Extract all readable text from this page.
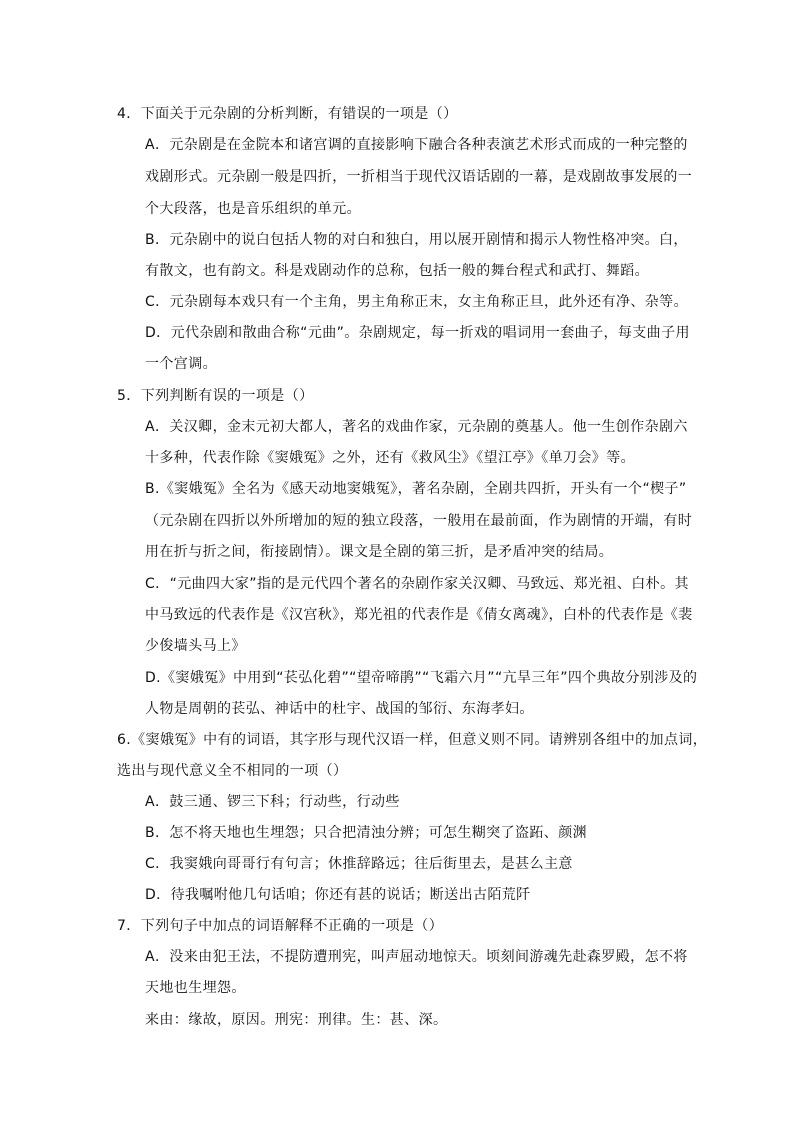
4．下面关于元杂剧的分析判断，有错误的一项是（）
A．元杂剧是在金院本和诸宫调的直接影响下融合各种表演艺术形式而成的一种完整的
戏剧形式。元杂剧一般是四折，一折相当于现代汉语话剧的一幕，是戏剧故事发展的一
个大段落，也是音乐组织的单元。
B．元杂剧中的说白包括人物的对白和独白，用以展开剧情和揭示人物性格冲突。白，
有散文，也有韵文。科是戏剧动作的总称，包括一般的舞台程式和武打、舞蹈。
C．元杂剧每本戏只有一个主角，男主角称正末，女主角称正旦，此外还有净、杂等。
D．元代杂剧和散曲合称“元曲”。杂剧规定，每一折戏的唱词用一套曲子，每支曲子用
一个宫调。
5．下列判断有误的一项是（）
A．关汉卿，金末元初大都人，著名的戏曲作家，元杂剧的奠基人。他一生创作杂剧六
十多种，代表作除《窦娥冤》之外，还有《救风尘》《望江亭》《单刀会》等。
B.《窦娥冤》全名为《感天动地窦娥冤》，著名杂剧，全剧共四折，开头有一个“楔子”
（元杂剧在四折以外所增加的短的独立段落，一般用在最前面，作为剧情的开端，有时
用在折与折之间，衔接剧情）。课文是全剧的第三折，是矛盾冲突的结局。
C．“元曲四大家”指的是元代四个著名的杂剧作家关汉卿、马致远、郑光祖、白朴。其
中马致远的代表作是《汉宫秋》，郑光祖的代表作是《倩女离魂》，白朴的代表作是《裴
少俊墙头马上》
D.《窦娥冤》中用到“苌弘化碧”“望帝啼鹃”“飞霜六月”“亢旱三年”四个典故分别涉及的
人物是周朝的苌弘、神话中的杜宇、战国的邹衍、东海孝妇。
6.《窦娥冤》中有的词语，其字形与现代汉语一样，但意义则不同。请辨别各组中的加点词，
选出与现代意义全不相同的一项（）
A．鼓三通、锣三下科；行动些，行动些
B．怎不将天地也生埋怨；只合把清浊分辨；可怎生糊突了盗跖、颜渊
C．我窦娥向哥哥行有句言；休推辞路远；往后街里去，是甚么主意
D．待我嘱咐他几句话咱；你还有甚的说话；断送出古陌荒阡
7．下列句子中加点的词语解释不正确的一项是（）
A．没来由犯王法，不提防遭刑宪，叫声屈动地惊天。顷刻间游魂先赴森罗殿，怎不将
天地也生埋怨。
来由：缘故，原因。刑宪：刑律。生：甚、深。
